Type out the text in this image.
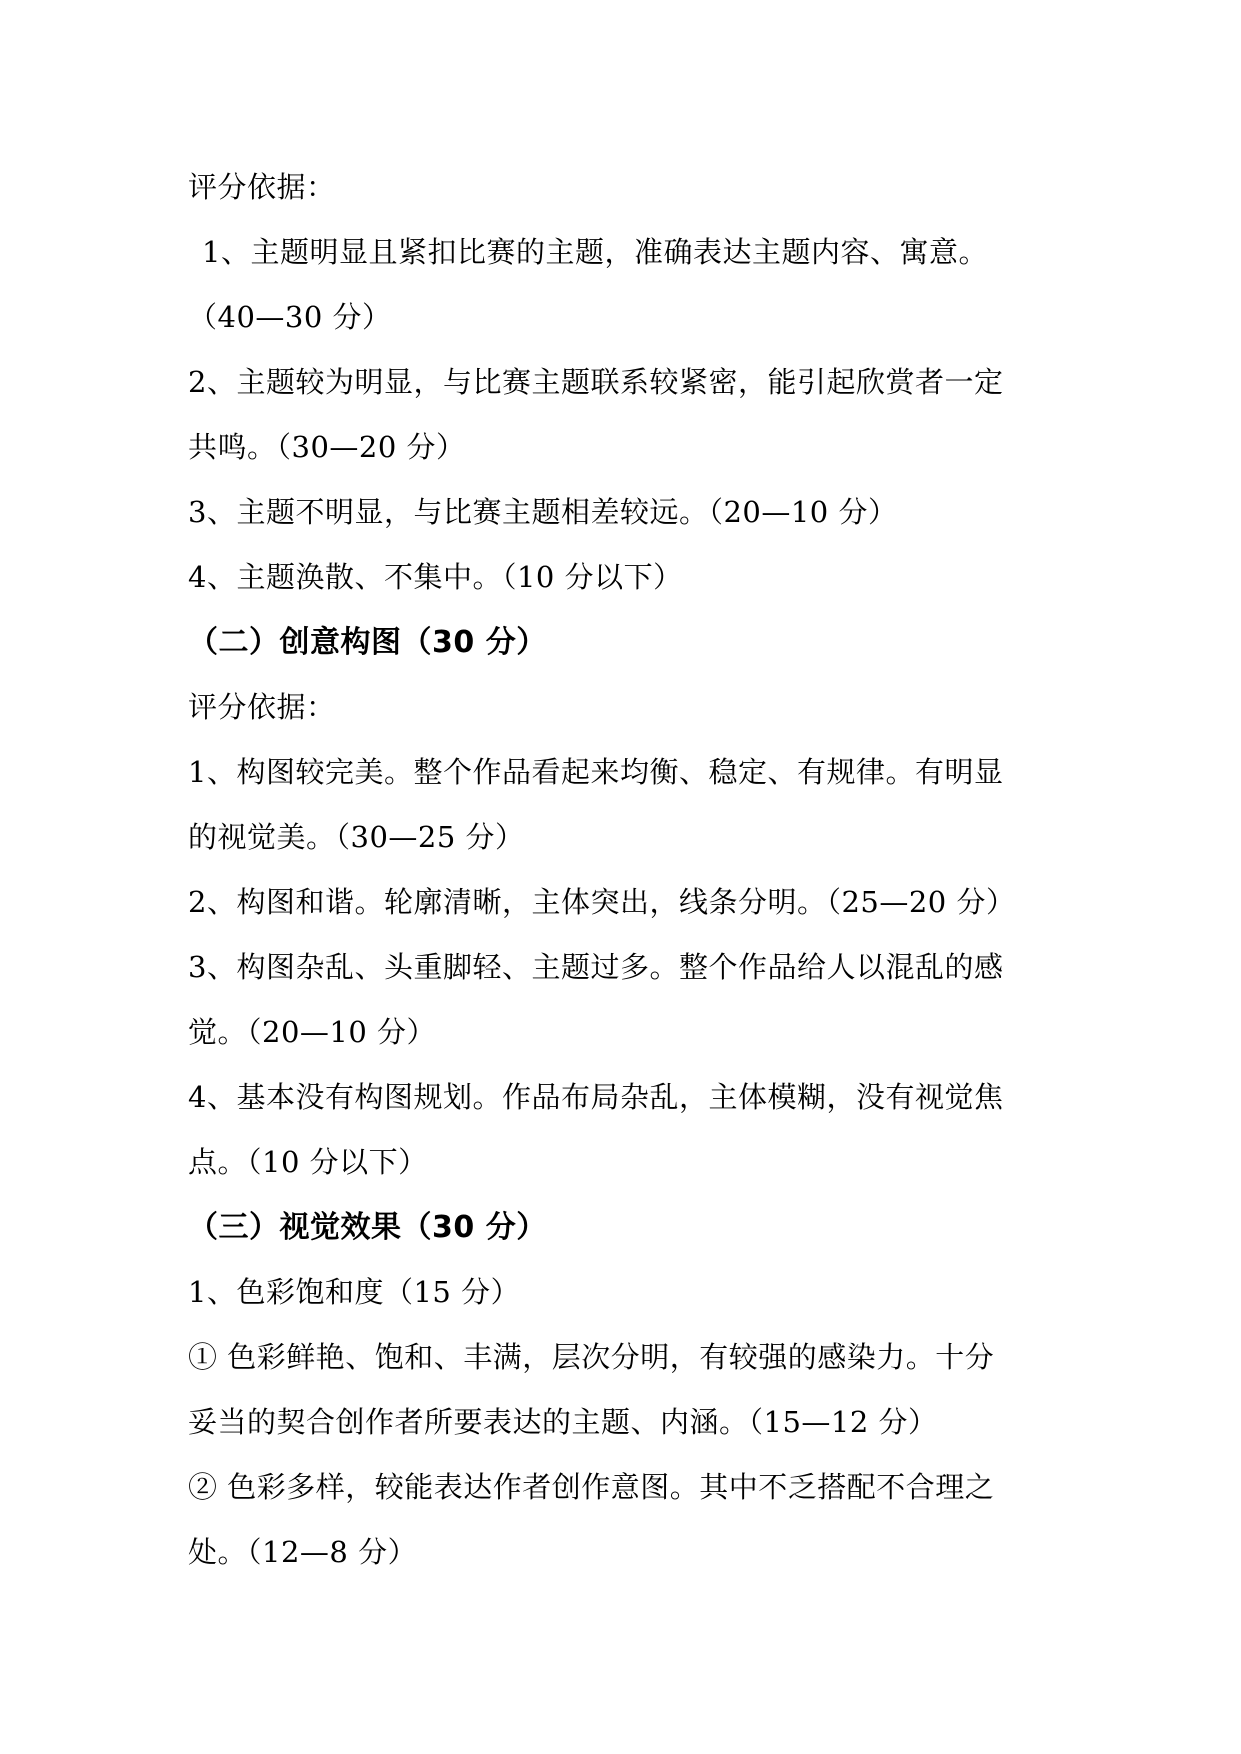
评分依据：
1、主题明显且紧扣比赛的主题，准确表达主题内容、寓意。
（40—30 分）
2、主题较为明显，与比赛主题联系较紧密，能引起欣赏者一定
共鸣。（30—20 分）
3、主题不明显，与比赛主题相差较远。（20—10 分）
4、主题涣散、不集中。（10 分以下）
（二）创意构图（30 分）
评分依据：
1、构图较完美。整个作品看起来均衡、稳定、有规律。有明显
的视觉美。（30—25 分）
2、构图和谐。轮廓清晰，主体突出，线条分明。（25—20 分）
3、构图杂乱、头重脚轻、主题过多。整个作品给人以混乱的感
觉。（20—10 分）
4、基本没有构图规划。作品布局杂乱，主体模糊，没有视觉焦
点。（10 分以下）
（三）视觉效果（30 分）
1、色彩饱和度（15 分）
① 色彩鲜艳、饱和、丰满，层次分明，有较强的感染力。十分
妥当的契合创作者所要表达的主题、内涵。（15—12 分）
② 色彩多样，较能表达作者创作意图。其中不乏搭配不合理之
处。（12—8 分）
